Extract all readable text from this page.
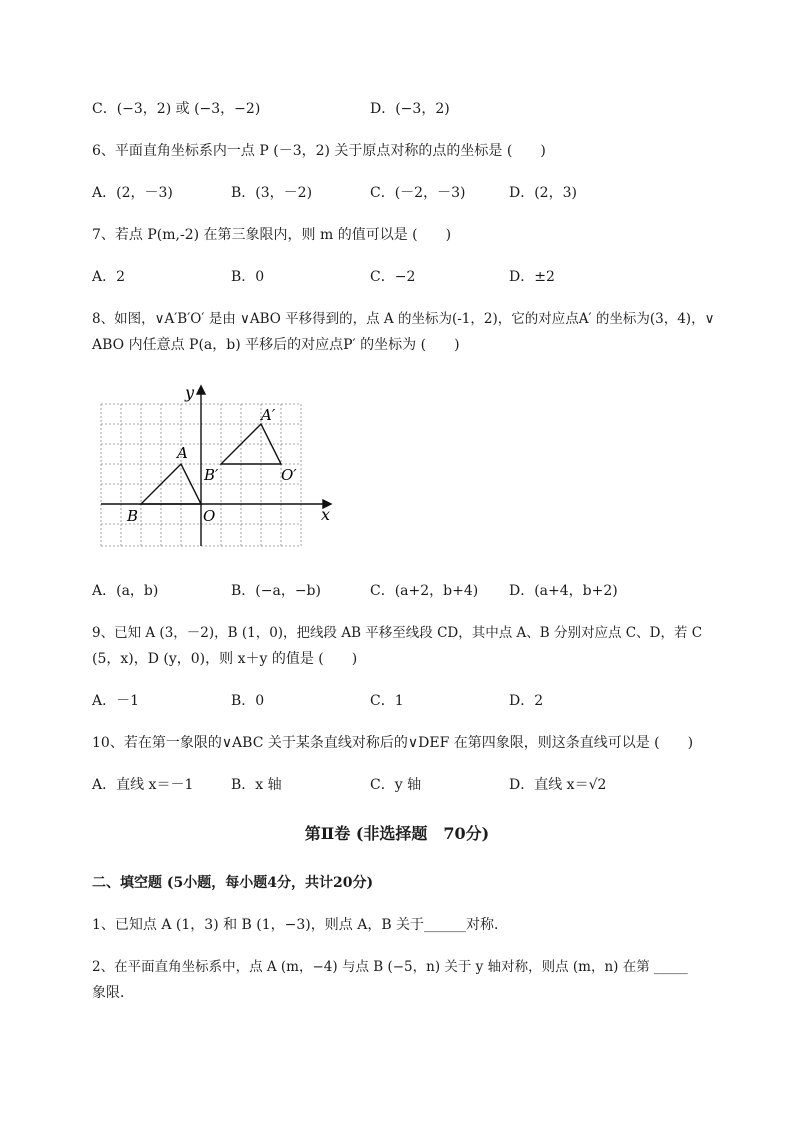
C．(−3，2) 或 (−3，−2)	D．(−3，2)
6、平面直角坐标系内一点 P (－3，2) 关于原点对称的点的坐标是 (　　)
A．(2，－3)	B．(3，－2)	C．(－2，－3)	D．(2，3)
7、若点 P(m,-2) 在第三象限内，则 m 的值可以是 (　　)
A．2	B．0	C．−2	D．±2
8、如图，∨A′B′O′ 是由 ∨ABO 平移得到的，点 A 的坐标为(-1，2)，它的对应点A′ 的坐标为(3，4)，∨
ABO 内任意点 P(a，b) 平移后的对应点P′ 的坐标为 (　　)
x
y
O
A
B
A′
B′	O′
A．(a，b)	B．(−a，−b)	C．(a+2，b+4) D．(a+4，b+2)
9、已知 A (3，－2)，B (1，0)，把线段 AB 平移至线段 CD，其中点 A、B 分别对应点 C、D，若 C
(5，x)，D (y，0)，则 x＋y 的值是 (　　)
A．－1	B．0	C．1	D．2
10、若在第一象限的∨ABC 关于某条直线对称后的∨DEF 在第四象限，则这条直线可以是 (　　)
A．直线 x＝－1	B．x 轴	C．y 轴	D．直线 x＝√2
第Ⅱ卷 (非选择题　70分)
二、填空题 (5小题，每小题4分，共计20分)
1、已知点 A (1，3) 和 B (1，−3)，则点 A，B 关于______对称．
2、在平面直角坐标系中，点 A (m，−4) 与点 B (−5，n) 关于 y 轴对称，则点 (m，n) 在第 _____
象限．
